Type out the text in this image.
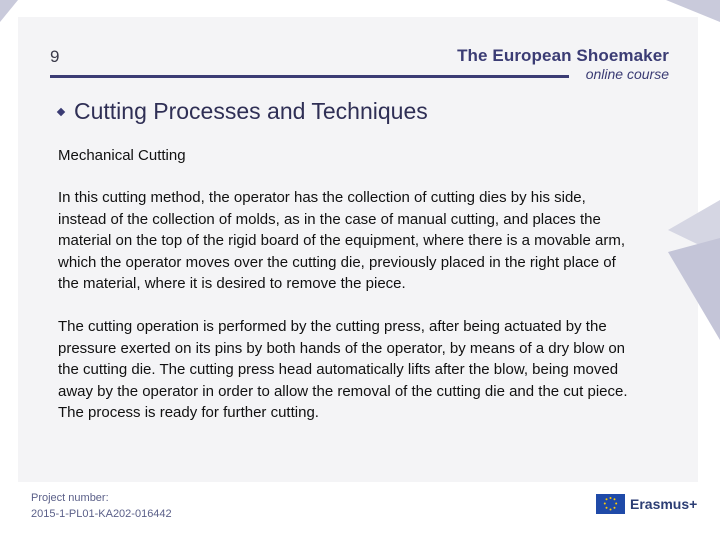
9	The European Shoemaker
online course
Cutting Processes and Techniques

Mechanical Cutting

In this cutting method, the operator has the collection of cutting dies by his side, instead of the collection of molds, as in the case of manual cutting, and places the material on the top of the rigid board of the equipment, where there is a movable arm, which the operator moves over the cutting die, previously placed in the right place of the material, where it is desired to remove the piece.

The cutting operation is performed by the cutting press, after being actuated by the pressure exerted on its pins by both hands of the operator, by means of a dry blow on the cutting die. The cutting press head automatically lifts after the blow, being moved away by the operator in order to allow the removal of the cutting die and the cut piece. The process is ready for further cutting.

Project number:
2015-1-PL01-KA202-016442
Erasmus+
